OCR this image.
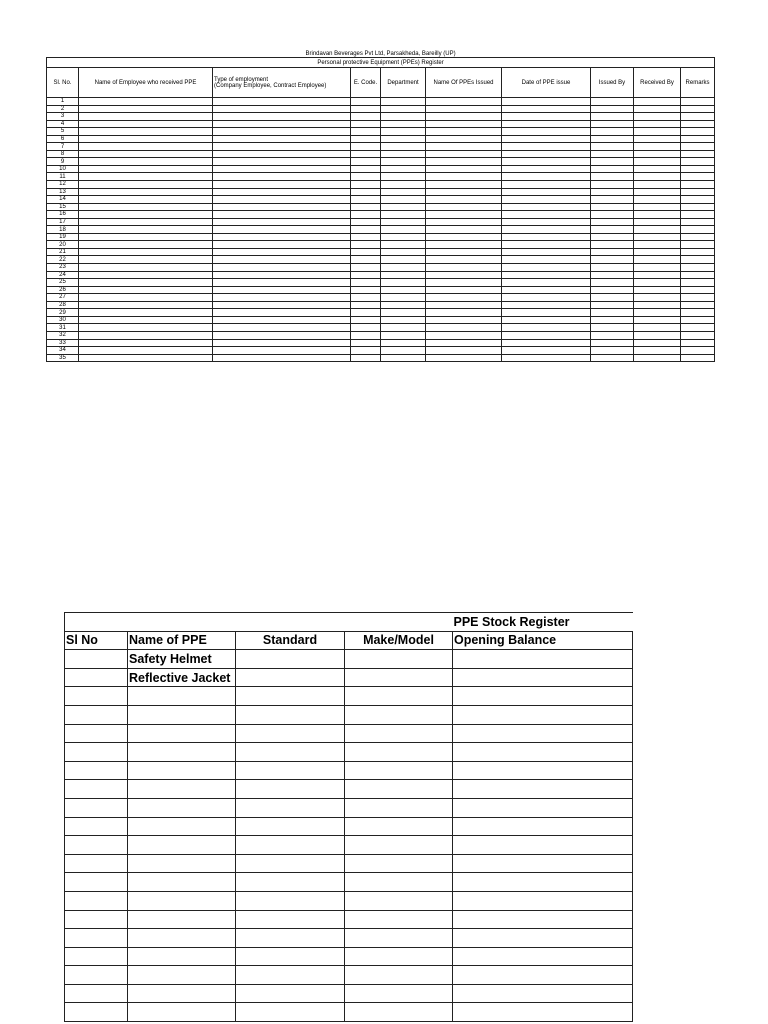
Brindavan Beverages Pvt Ltd, Parsakheda, Bareilly (UP)									
Personal protective Equipment (PPEs) Register									
Sl. No.	Name of Employee who received PPE	Type of employment
(Company Employee, Contract Employee)	E. Code.	Department	Name Of PPEs Issued	Date of PPE issue	Issued By	Received By	Remarks
1									
2									
3									
4									
5									
6									
7									
8									
9									
10									
11									
12									
13									
14									
15									
16									
17									
18									
19									
20									
21									
22									
23									
24									
25									
26									
27									
28									
29									
30									
31									
32									
33									
34									
35									
				PPE Stock Register
Sl No	Name of PPE	Standard	Make/Model	Opening Balance
	Safety Helmet			
	Reflective Jacket			
